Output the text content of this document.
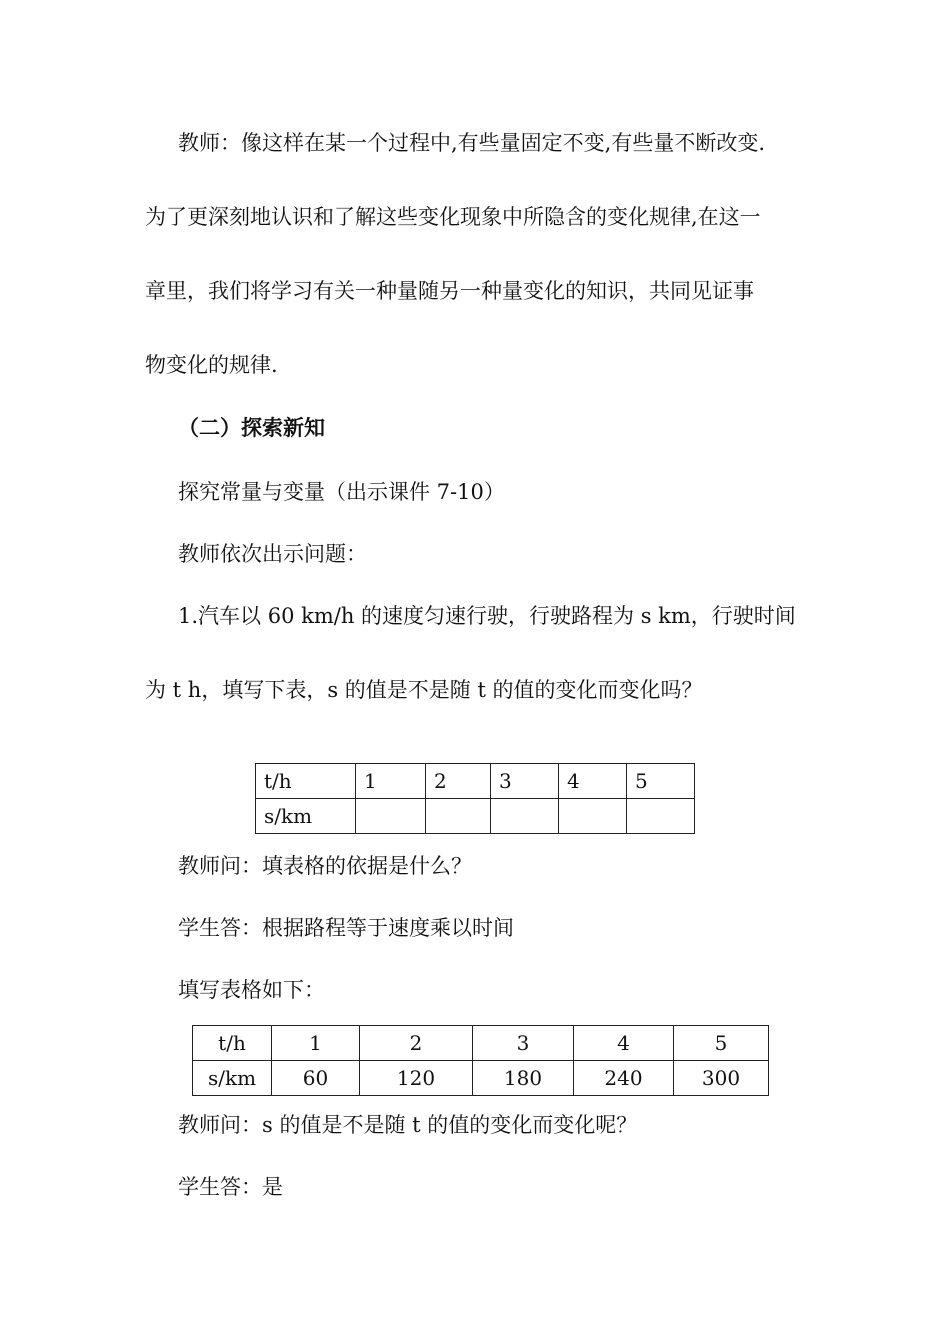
教师：像这样在某一个过程中,有些量固定不变,有些量不断改变.

为了更深刻地认识和了解这些变化现象中所隐含的变化规律,在这一

章里，我们将学习有关一种量随另一种量变化的知识，共同见证事

物变化的规律.

（二）探索新知

探究常量与变量（出示课件 7-10）

教师依次出示问题：

1.汽车以 60 km/h 的速度匀速行驶，行驶路程为 s km，行驶时间

为 t h，填写下表，s 的值是不是随 t 的值的变化而变化吗？

t/h	1	2	3	4	5
s/km					

教师问：填表格的依据是什么？

学生答：根据路程等于速度乘以时间

填写表格如下：

t/h	1	2	3	4	5
s/km	60	120	180	240	300

教师问：s 的值是不是随 t 的值的变化而变化呢？

学生答：是
